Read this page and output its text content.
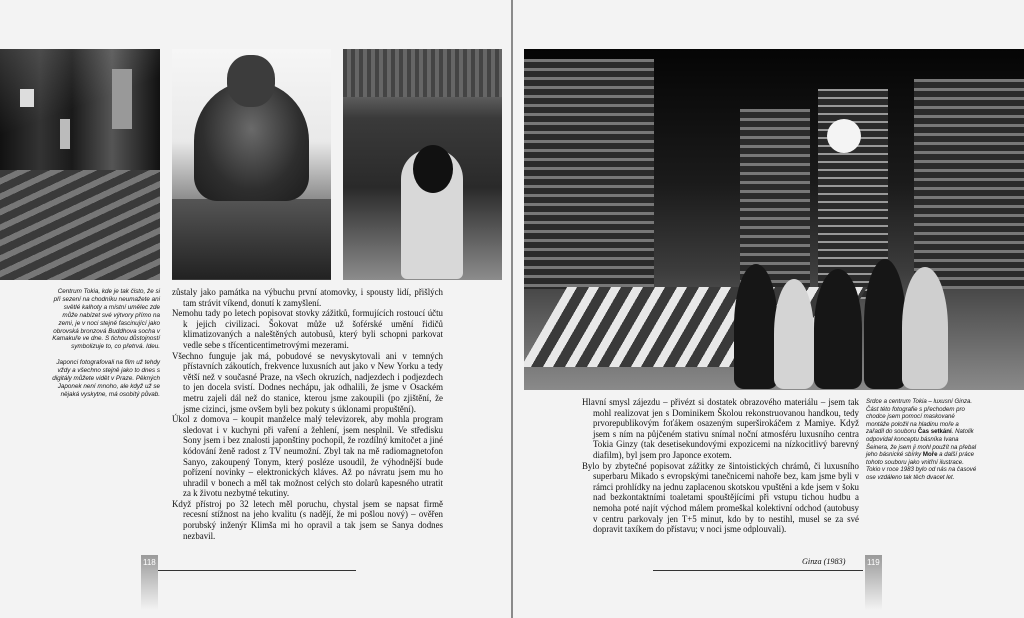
Centrum Tokia, kde je tak čisto, že si při sezení na chodníku neumažete ani světlé kalhoty a místní umělec zde může nabízet své výtvory přímo na zemi, je v noci stejně fascinující jako obrovská bronzová Buddhova socha v Kamakuře ve dne. S tichou důstojností symbolizuje to, co přetrvá. Ideu.

Japonci fotografovali na film už tehdy vždy a všechno stejně jako to dnes s digitály můžete vidět v Praze. Pěkných Japonek není mnoho, ale když už se nějaká vyskytne, má osobitý půvab.

zůstaly jako památka na výbuchu první atomovky, i spousty lidí, přišlých tam strávit víkend, donutí k zamyšlení.

Nemohu tady po letech popisovat stovky zážitků, formujících rostoucí účtu k jejich civilizaci. Šokovat může už šoférské umění řidičů klimatizovaných a naleštěných autobusů, který byli schopni parkovat vedle sebe s třícenticentimetrovými mezerami.

Všechno funguje jak má, pobudové se nevyskytovali ani v temných přístavních zákoutích, frekvence luxusních aut jako v New Yorku a tedy větší než v současné Praze, na všech okruzích, nadjezdech i podjezdech to jen docela svistí. Dodnes nechápu, jak odhalili, že jsme v Osackém metru zajeli dál než do stanice, kterou jsme zakoupili (po zjištění, že jsme cizinci, jsme ovšem byli bez pokuty s úklonami propuštění).

Úkol z domova – koupit manželce malý televizorek, aby mohla program sledovat i v kuchyni při vaření a žehlení, jsem nesplnil. Ve středisku Sony jsem i bez znalosti japonštiny pochopil, že rozdílný kmitočet a jiné kódování ženě radost z TV neumožní. Zbyl tak na mě radiomagnetofon Sanyo, zakoupený Tonym, který posléze usoudil, že výhodnější bude pořízení novinky – elektronických kláves. Až po návratu jsem mu ho uhradil v bonech a měl tak možnost celých sto dolarů kapesného utratit za k životu nezbytné tekutiny.

Když přístroj po 32 letech měl poruchu, chystal jsem se napsat firmě recesní stížnost na jeho kvalitu (s nadějí, že mi pošlou nový) – ověřen porubský inženýr Klimša mi ho opravil a tak jsem se Sanya dodnes nezbavil.

118

Hlavní smysl zájezdu – přivézt si dostatek obrazového materiálu – jsem tak mohl realizovat jen s Dominikem Školou rekonstruovanou handkou, tedy prvorepublikovým foťákem osazeným superširokáčem z Mamiye. Když jsem s ním na půjčeném stativu snímal noční atmosféru luxusního centra Tokia Ginzy (tak desetisekundovými expozicemi na nízkocitlivý barevný diafilm), byl jsem pro Japonce exotem.

Bylo by zbytečné popisovat zážitky ze šintoistických chrámů, či luxusního superbaru Mikado s evropskými tanečnicemi nahoře bez, kam jsme byli v rámci prohlídky na jednu zaplacenou skotskou vpuštěni a kde jsem v šoku nad bezkontaktními toaletami spouštějícími při vstupu tichou hudbu a nemoha poté najít východ málem promeškal kolektivní odchod (autobusy v centru parkovaly jen T+5 minut, kdo by to nestihl, musel se za své dopravit taxíkem do přístavu; v noci jsme odplouvali).

Srdce a centrum Tokia – luxusní Ginza. Část této fotografie s přechodem pro chodce jsem pomocí maskované montáže položil na hladinu moře a zařadil do souboru Čas setkání. Natolik odpovídal konceptu básníka Ivana Šeinera, že jsem ji mohl použít na přebal jeho básnické sbírky Moře a další práce tohoto souboru jako vnitřní ilustrace.
Tokio v roce 1983 bylo od nás na časové ose vzdáleno tak těch dvacet let.
Ginza (1983)	119
